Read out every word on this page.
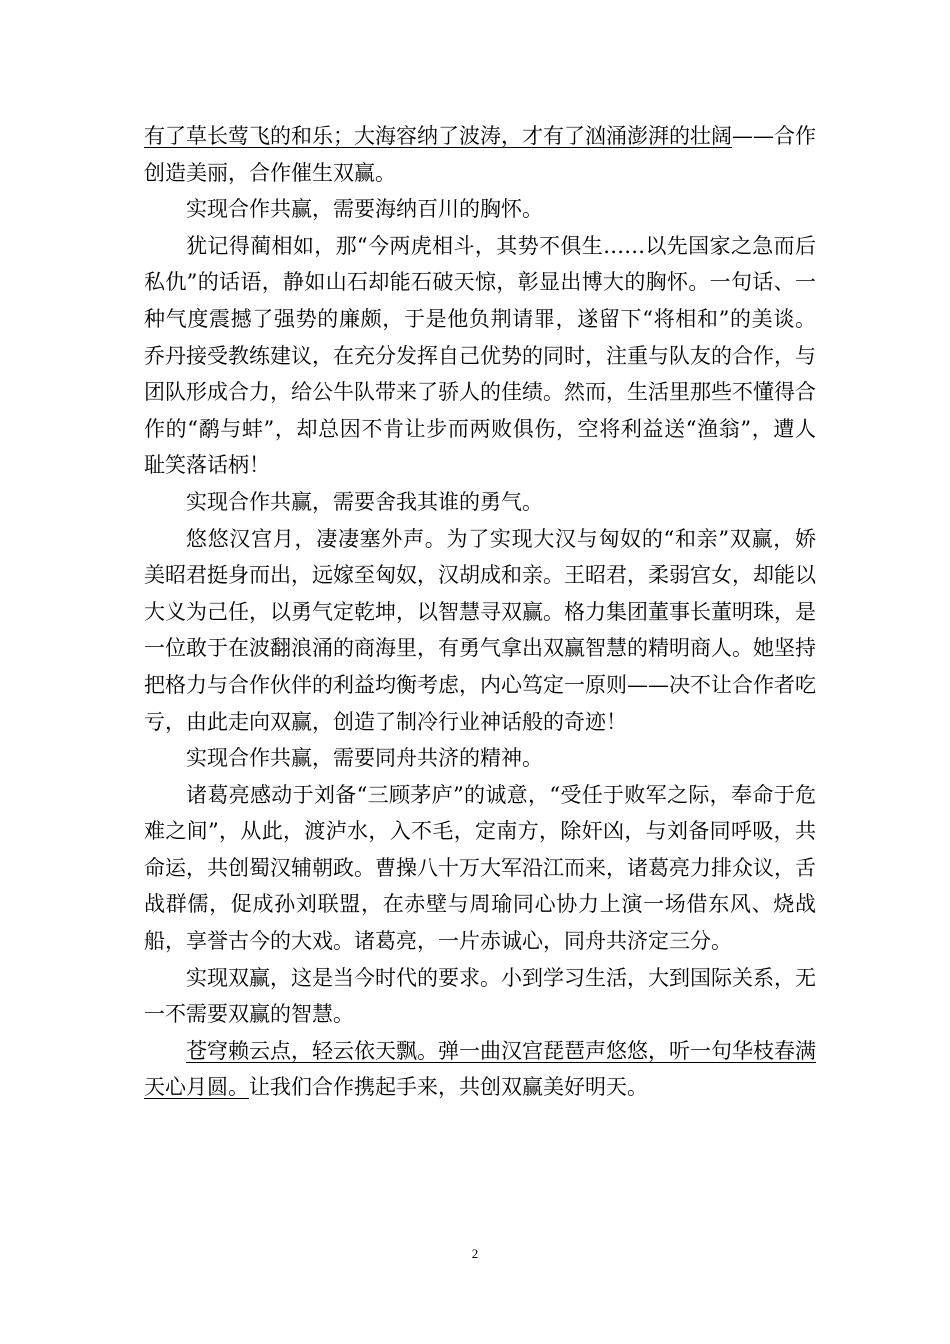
有了草长莺飞的和乐；大海容纳了波涛，才有了汹涌澎湃的壮阔——合作创造美丽，合作催生双赢。

实现合作共赢，需要海纳百川的胸怀。

犹记得蔺相如，那“今两虎相斗，其势不俱生……以先国家之急而后私仇”的话语，静如山石却能石破天惊，彰显出博大的胸怀。一句话、一种气度震撼了强势的廉颇，于是他负荆请罪，遂留下“将相和”的美谈。乔丹接受教练建议，在充分发挥自己优势的同时，注重与队友的合作，与团队形成合力，给公牛队带来了骄人的佳绩。然而，生活里那些不懂得合作的“鹬与蚌”，却总因不肯让步而两败俱伤，空将利益送“渔翁”，遭人耻笑落话柄！

实现合作共赢，需要舍我其谁的勇气。

悠悠汉宫月，凄凄塞外声。为了实现大汉与匈奴的“和亲”双赢，娇美昭君挺身而出，远嫁至匈奴，汉胡成和亲。王昭君，柔弱宫女，却能以大义为己任，以勇气定乾坤，以智慧寻双赢。格力集团董事长董明珠，是一位敢于在波翻浪涌的商海里，有勇气拿出双赢智慧的精明商人。她坚持把格力与合作伙伴的利益均衡考虑，内心笃定一原则——决不让合作者吃亏，由此走向双赢，创造了制冷行业神话般的奇迹！

实现合作共赢，需要同舟共济的精神。

诸葛亮感动于刘备“三顾茅庐”的诚意，“受任于败军之际，奉命于危难之间”，从此，渡泸水，入不毛，定南方，除奸凶，与刘备同呼吸，共命运，共创蜀汉辅朝政。曹操八十万大军沿江而来，诸葛亮力排众议，舌战群儒，促成孙刘联盟，在赤壁与周瑜同心协力上演一场借东风、烧战船，享誉古今的大戏。诸葛亮，一片赤诚心，同舟共济定三分。

实现双赢，这是当今时代的要求。小到学习生活，大到国际关系，无一不需要双赢的智慧。

苍穹赖云点，轻云依天飘。弹一曲汉宫琵琶声悠悠，听一句华枝春满天心月圆。让我们合作携起手来，共创双赢美好明天。

2
